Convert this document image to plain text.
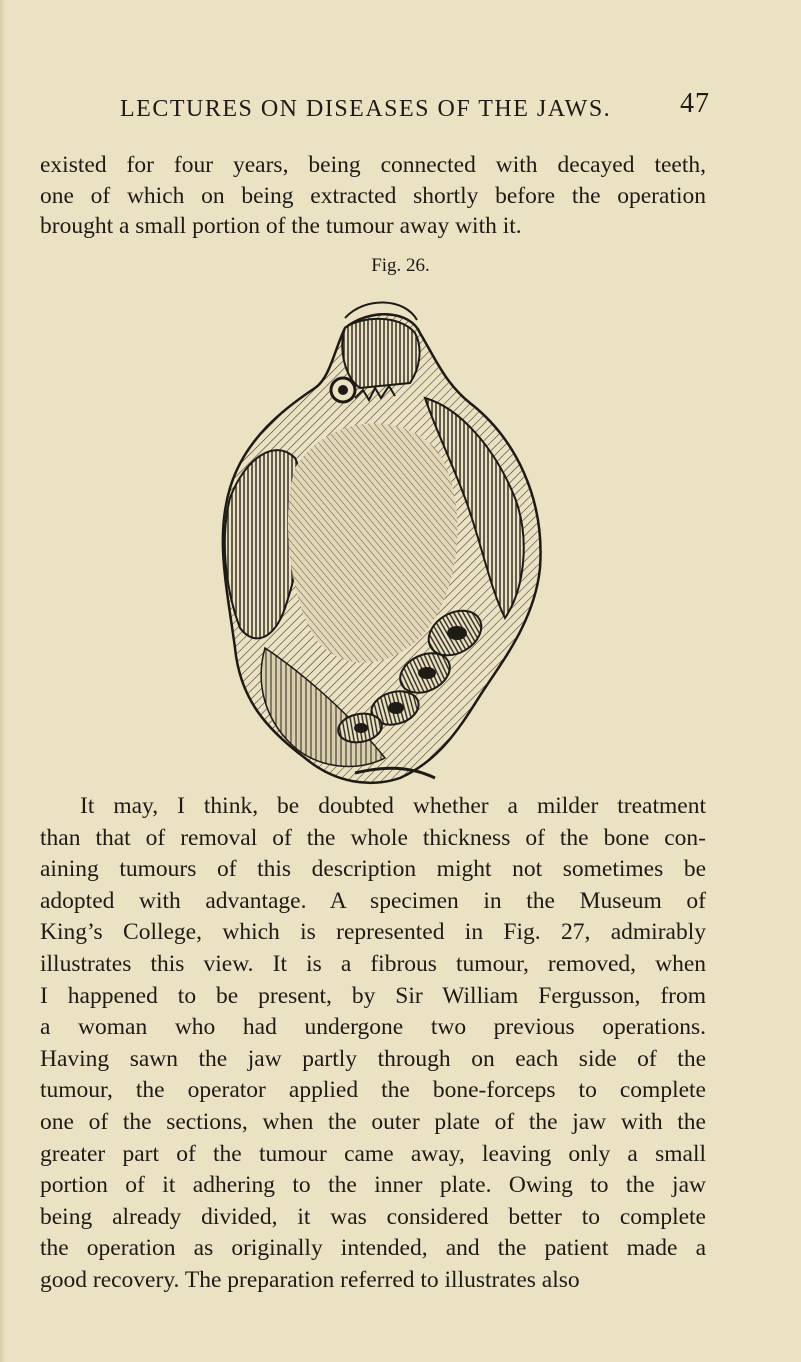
LECTURES ON DISEASES OF THE JAWS. 47
existed for four years, being connected with decayed teeth,
one of which on being extracted shortly before the operation
brought a small portion of the tumour away with it.
Fig. 26.
It may, I think, be doubted whether a milder treatment
than that of removal of the whole thickness of the bone con-
aining tumours of this description might not sometimes be
adopted with advantage. A specimen in the Museum of
King’s College, which is represented in Fig. 27, admirably
illustrates this view. It is a fibrous tumour, removed, when
I happened to be present, by Sir William Fergusson, from
a woman who had undergone two previous operations.
Having sawn the jaw partly through on each side of the
tumour, the operator applied the bone-forceps to complete
one of the sections, when the outer plate of the jaw with the
greater part of the tumour came away, leaving only a small
portion of it adhering to the inner plate. Owing to the jaw
being already divided, it was considered better to complete
the operation as originally intended, and the patient made a
good recovery. The preparation referred to illustrates also
